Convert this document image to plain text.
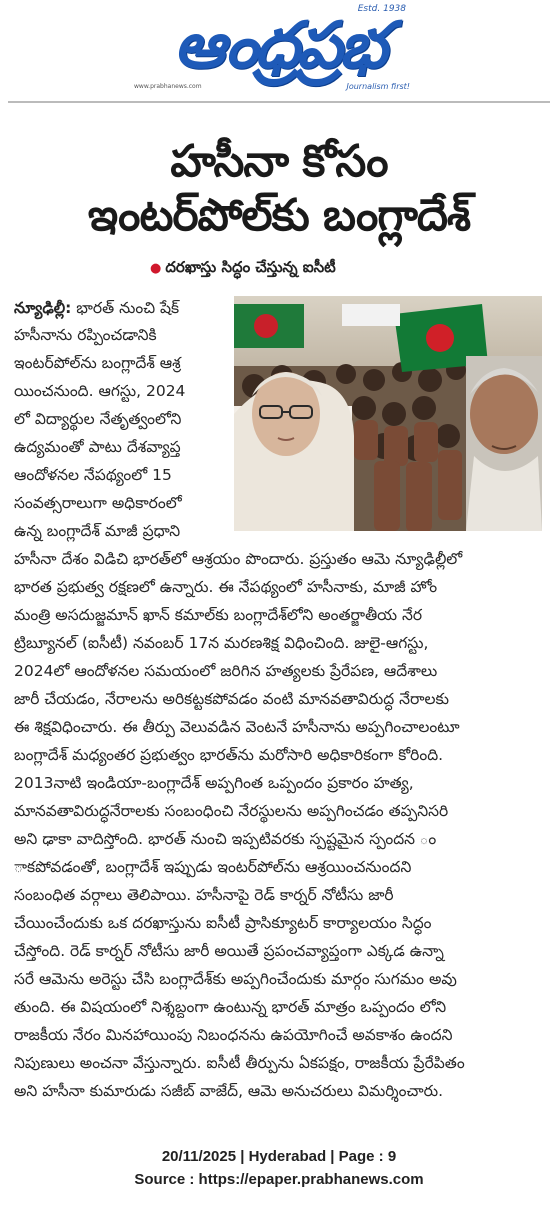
ఆంధ్రప్రభ
Estd. 1938
www.prabhanews.com	Journalism first!
హసీనా కోసం
ఇంటర్‌పోల్‌కు బంగ్లాదేశ్
● దరఖాస్తు సిద్ధం చేస్తున్న ఐసీటీ
న్యూఢిల్లీ: భారత్ నుంచి షేక్
హసీనాను రప్పించడానికి
ఇంటర్‌పోల్‌ను బంగ్లాదేశ్ ఆశ్ర
యించనుంది. ఆగస్టు, 2024
లో విద్యార్థుల నేతృత్వంలోని
ఉద్యమంతో పాటు దేశవ్యాప్త
ఆందోళనల నేపథ్యంలో 15
సంవత్సరాలుగా అధికారంలో
ఉన్న బంగ్లాదేశ్ మాజీ ప్రధాని
హసీనా దేశం విడిచి భారత్‌లో ఆశ్రయం పొందారు. ప్రస్తుతం ఆమె న్యూఢిల్లీలో
భారత ప్రభుత్వ రక్షణలో ఉన్నారు. ఈ నేపథ్యంలో హసీనాకు, మాజీ హోం
మంత్రి అసదుజ్జమాన్ ఖాన్ కమాల్‌కు బంగ్లాదేశ్‌లోని అంతర్జాతీయ నేర
ట్రిబ్యూనల్ (ఐసీటీ) నవంబర్ 17న మరణశిక్ష విధించింది. జులై-ఆగస్టు,
2024లో ఆందోళనల సమయంలో జరిగిన హత్యలకు ప్రేరేపణ, ఆదేశాలు
జారీ చేయడం, నేరాలను అరికట్టకపోవడం వంటి మానవతావిరుద్ధ నేరాలకు
ఈ శిక్షవిధించారు. ఈ తీర్పు వెలువడిన వెంటనే హసీనాను అప్పగించాలంటూ
బంగ్లాదేశ్ మధ్యంతర ప్రభుత్వం భారత్‌ను మరోసారి అధికారికంగా కోరింది.
2013నాటి ఇండియా-బంగ్లాదేశ్ అప్పగింత ఒప్పందం ప్రకారం హత్య,
మానవతావిరుద్ధనేరాలకు సంబంధించి నేరస్థులను అప్పగించడం తప్పనిసరి
అని ఢాకా వాదిస్తోంది. భారత్ నుంచి ఇప్పటివరకు స్పష్టమైన స్పందన ం
ాకపోవడంతో, బంగ్లాదేశ్ ఇప్పుడు ఇంటర్‌పోల్‌ను ఆశ్రయించనుందని
సంబంధిత వర్గాలు తెలిపాయి. హసీనాపై రెడ్ కార్నర్ నోటీసు జారీ
చేయించేందుకు ఒక దరఖాస్తును ఐసీటీ ప్రాసిక్యూటర్ కార్యాలయం సిద్ధం
చేస్తోంది. రెడ్ కార్నర్ నోటీసు జారీ అయితే ప్రపంచవ్యాప్తంగా ఎక్కడ ఉన్నా
సరే ఆమెను అరెస్టు చేసి బంగ్లాదేశ్‌కు అప్పగించేందుకు మార్గం సుగమం అవు
తుంది. ఈ విషయంలో నిశ్శబ్దంగా ఉంటున్న భారత్ మాత్రం ఒప్పందం లోని
రాజకీయ నేరం మినహాయింపు నిబంధనను ఉపయోగించే అవకాశం ఉందని
నిపుణులు అంచనా వేస్తున్నారు. ఐసీటీ తీర్పును ఏకపక్షం, రాజకీయ ప్రేరేపితం
అని హసీనా కుమారుడు సజీబ్ వాజేద్, ఆమె అనుచరులు విమర్శించారు.
20/11/2025 | Hyderabad | Page : 9
Source : https://epaper.prabhanews.com
